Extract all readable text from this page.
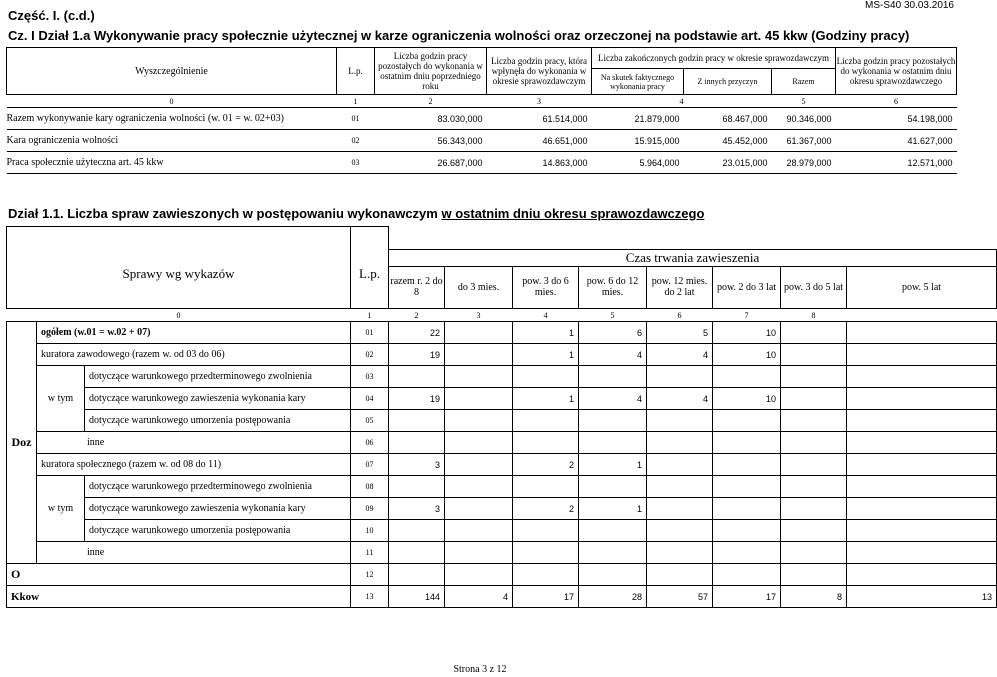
Część. I. (c.d.)
MS-S40 30.03.2016
Cz. I Dział 1.a Wykonywanie pracy społecznie użytecznej w karze ograniczenia wolności oraz orzeczonej na podstawie art. 45 kkw (Godziny pracy)
Wyszczególnienie	L.p.	Liczba godzin pracy pozostałych do wykonania w ostatnim dniu poprzedniego roku	Liczba godzin pracy, która wpłynęła do wykonania w okresie sprawozdawczym	Liczba zakończonych godzin pracy w okresie sprawozdawczym			Liczba godzin pracy pozostałych do wykonania w ostatnim dniu okresu sprawozdawczego
				Na skutek faktycznego wykonania pracy	Z innych przyczyn	Razem	
0	1	2	3	4		5	6
Razem wykonywanie kary ograniczenia wolności (w. 01 = w. 02+03)	01	83.030,000	61.514,000	21.879,000	68.467,000	90.346,000	54.198,000
Kara ograniczenia wolności	02	56.343,000	46.651,000	15.915,000	45.452,000	61.367,000	41.627,000
Praca społecznie użyteczna art. 45 kkw	03	26.687,000	14.863,000	5.964,000	23.015,000	28.979,000	12.571,000
Dział 1.1. Liczba spraw zawieszonych w postępowaniu wykonawczym w ostatnim dniu okresu sprawozdawczego

				Czas trwania zawieszenia							
Sprawy wg wykazów			L.p.	razem r. 2 do 8	do 3 mies.	pow. 3 do 6 mies.	pow. 6 do 12 mies.	pow. 12 mies. do 2 lat	pow. 2 do 3 lat	pow. 3 do 5 lat	pow. 5 lat
0			1	2	3	4	5	6	7	8	
Doz	ogółem (w.01 = w.02 + 07)		01	22		1	6	5	10		
	kuratora zawodowego (razem w. od 03 do 06)		02	19		1	4	4	10		
	w tym	dotyczące warunkowego przedterminowego zwolnienia	03								
		dotyczące warunkowego zawieszenia wykonania kary	04	19		1	4	4	10		
		dotyczące warunkowego umorzenia postępowania	05								
	inne		06								
	kuratora społecznego (razem w. od 08 do 11)		07	3		2	1				
	w tym	dotyczące warunkowego przedterminowego zwolnienia	08								
		dotyczące warunkowego zawieszenia wykonania kary	09	3		2	1				
		dotyczące warunkowego umorzenia postępowania	10								
	inne		11								
O			12								
Kkow			13	144	4	17	28	57	17	8	13
Strona 3 z 12
